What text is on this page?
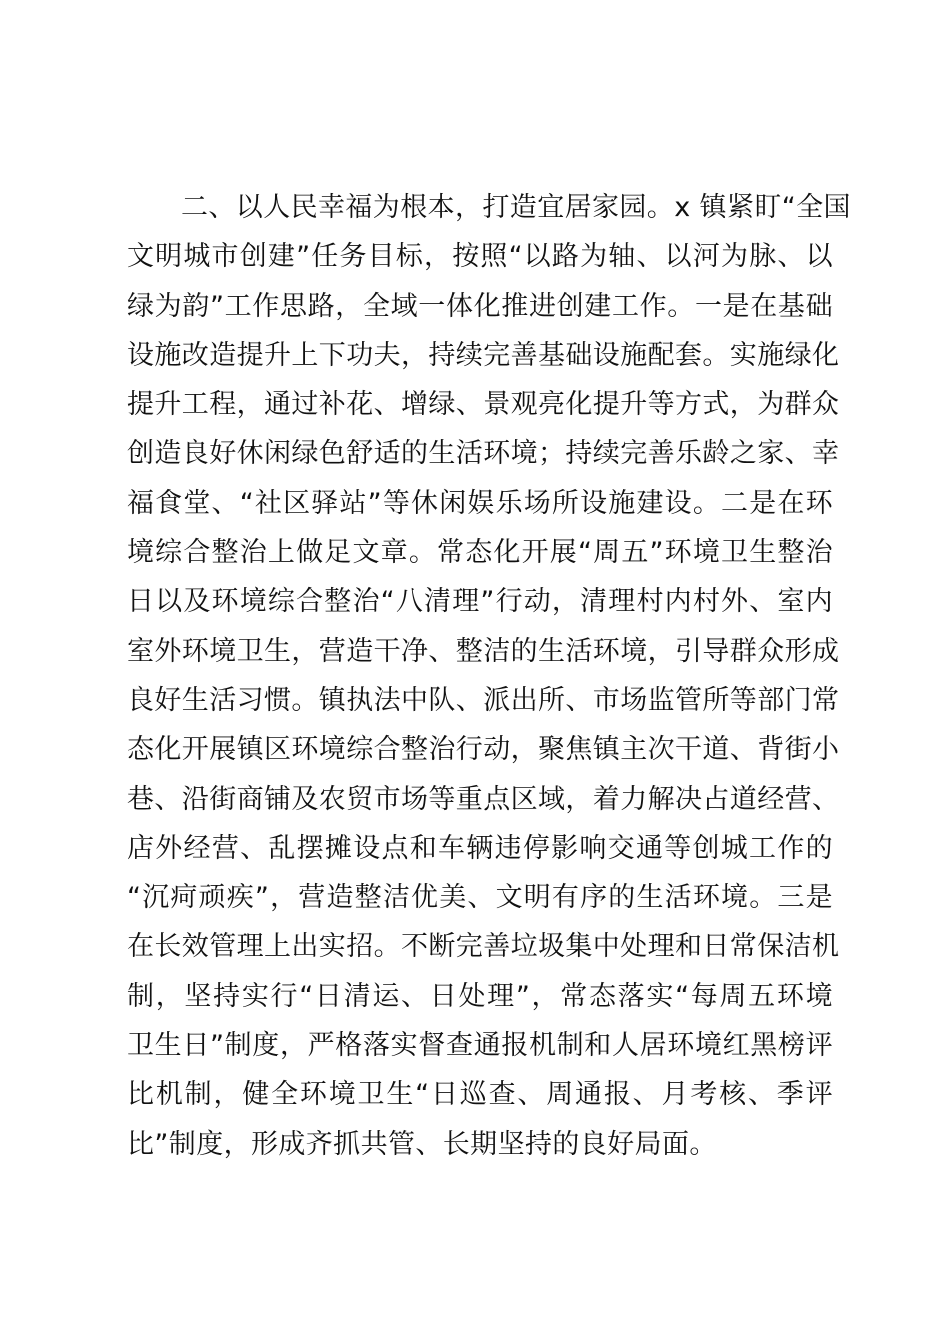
二、以人民幸福为根本，打造宜居家园。x 镇紧盯“全国
文明城市创建”任务目标，按照“以路为轴、以河为脉、以
绿为韵”工作思路，全域一体化推进创建工作。一是在基础
设施改造提升上下功夫，持续完善基础设施配套。实施绿化
提升工程，通过补花、增绿、景观亮化提升等方式，为群众
创造良好休闲绿色舒适的生活环境；持续完善乐龄之家、幸
福食堂、“社区驿站”等休闲娱乐场所设施建设。二是在环
境综合整治上做足文章。常态化开展“周五”环境卫生整治
日以及环境综合整治“八清理”行动，清理村内村外、室内
室外环境卫生，营造干净、整洁的生活环境，引导群众形成
良好生活习惯。镇执法中队、派出所、市场监管所等部门常
态化开展镇区环境综合整治行动，聚焦镇主次干道、背街小
巷、沿街商铺及农贸市场等重点区域，着力解决占道经营、
店外经营、乱摆摊设点和车辆违停影响交通等创城工作的
“沉疴顽疾”，营造整洁优美、文明有序的生活环境。三是
在长效管理上出实招。不断完善垃圾集中处理和日常保洁机
制，坚持实行“日清运、日处理”，常态落实“每周五环境
卫生日”制度，严格落实督查通报机制和人居环境红黑榜评
比机制，健全环境卫生“日巡查、周通报、月考核、季评
比”制度，形成齐抓共管、长期坚持的良好局面。
